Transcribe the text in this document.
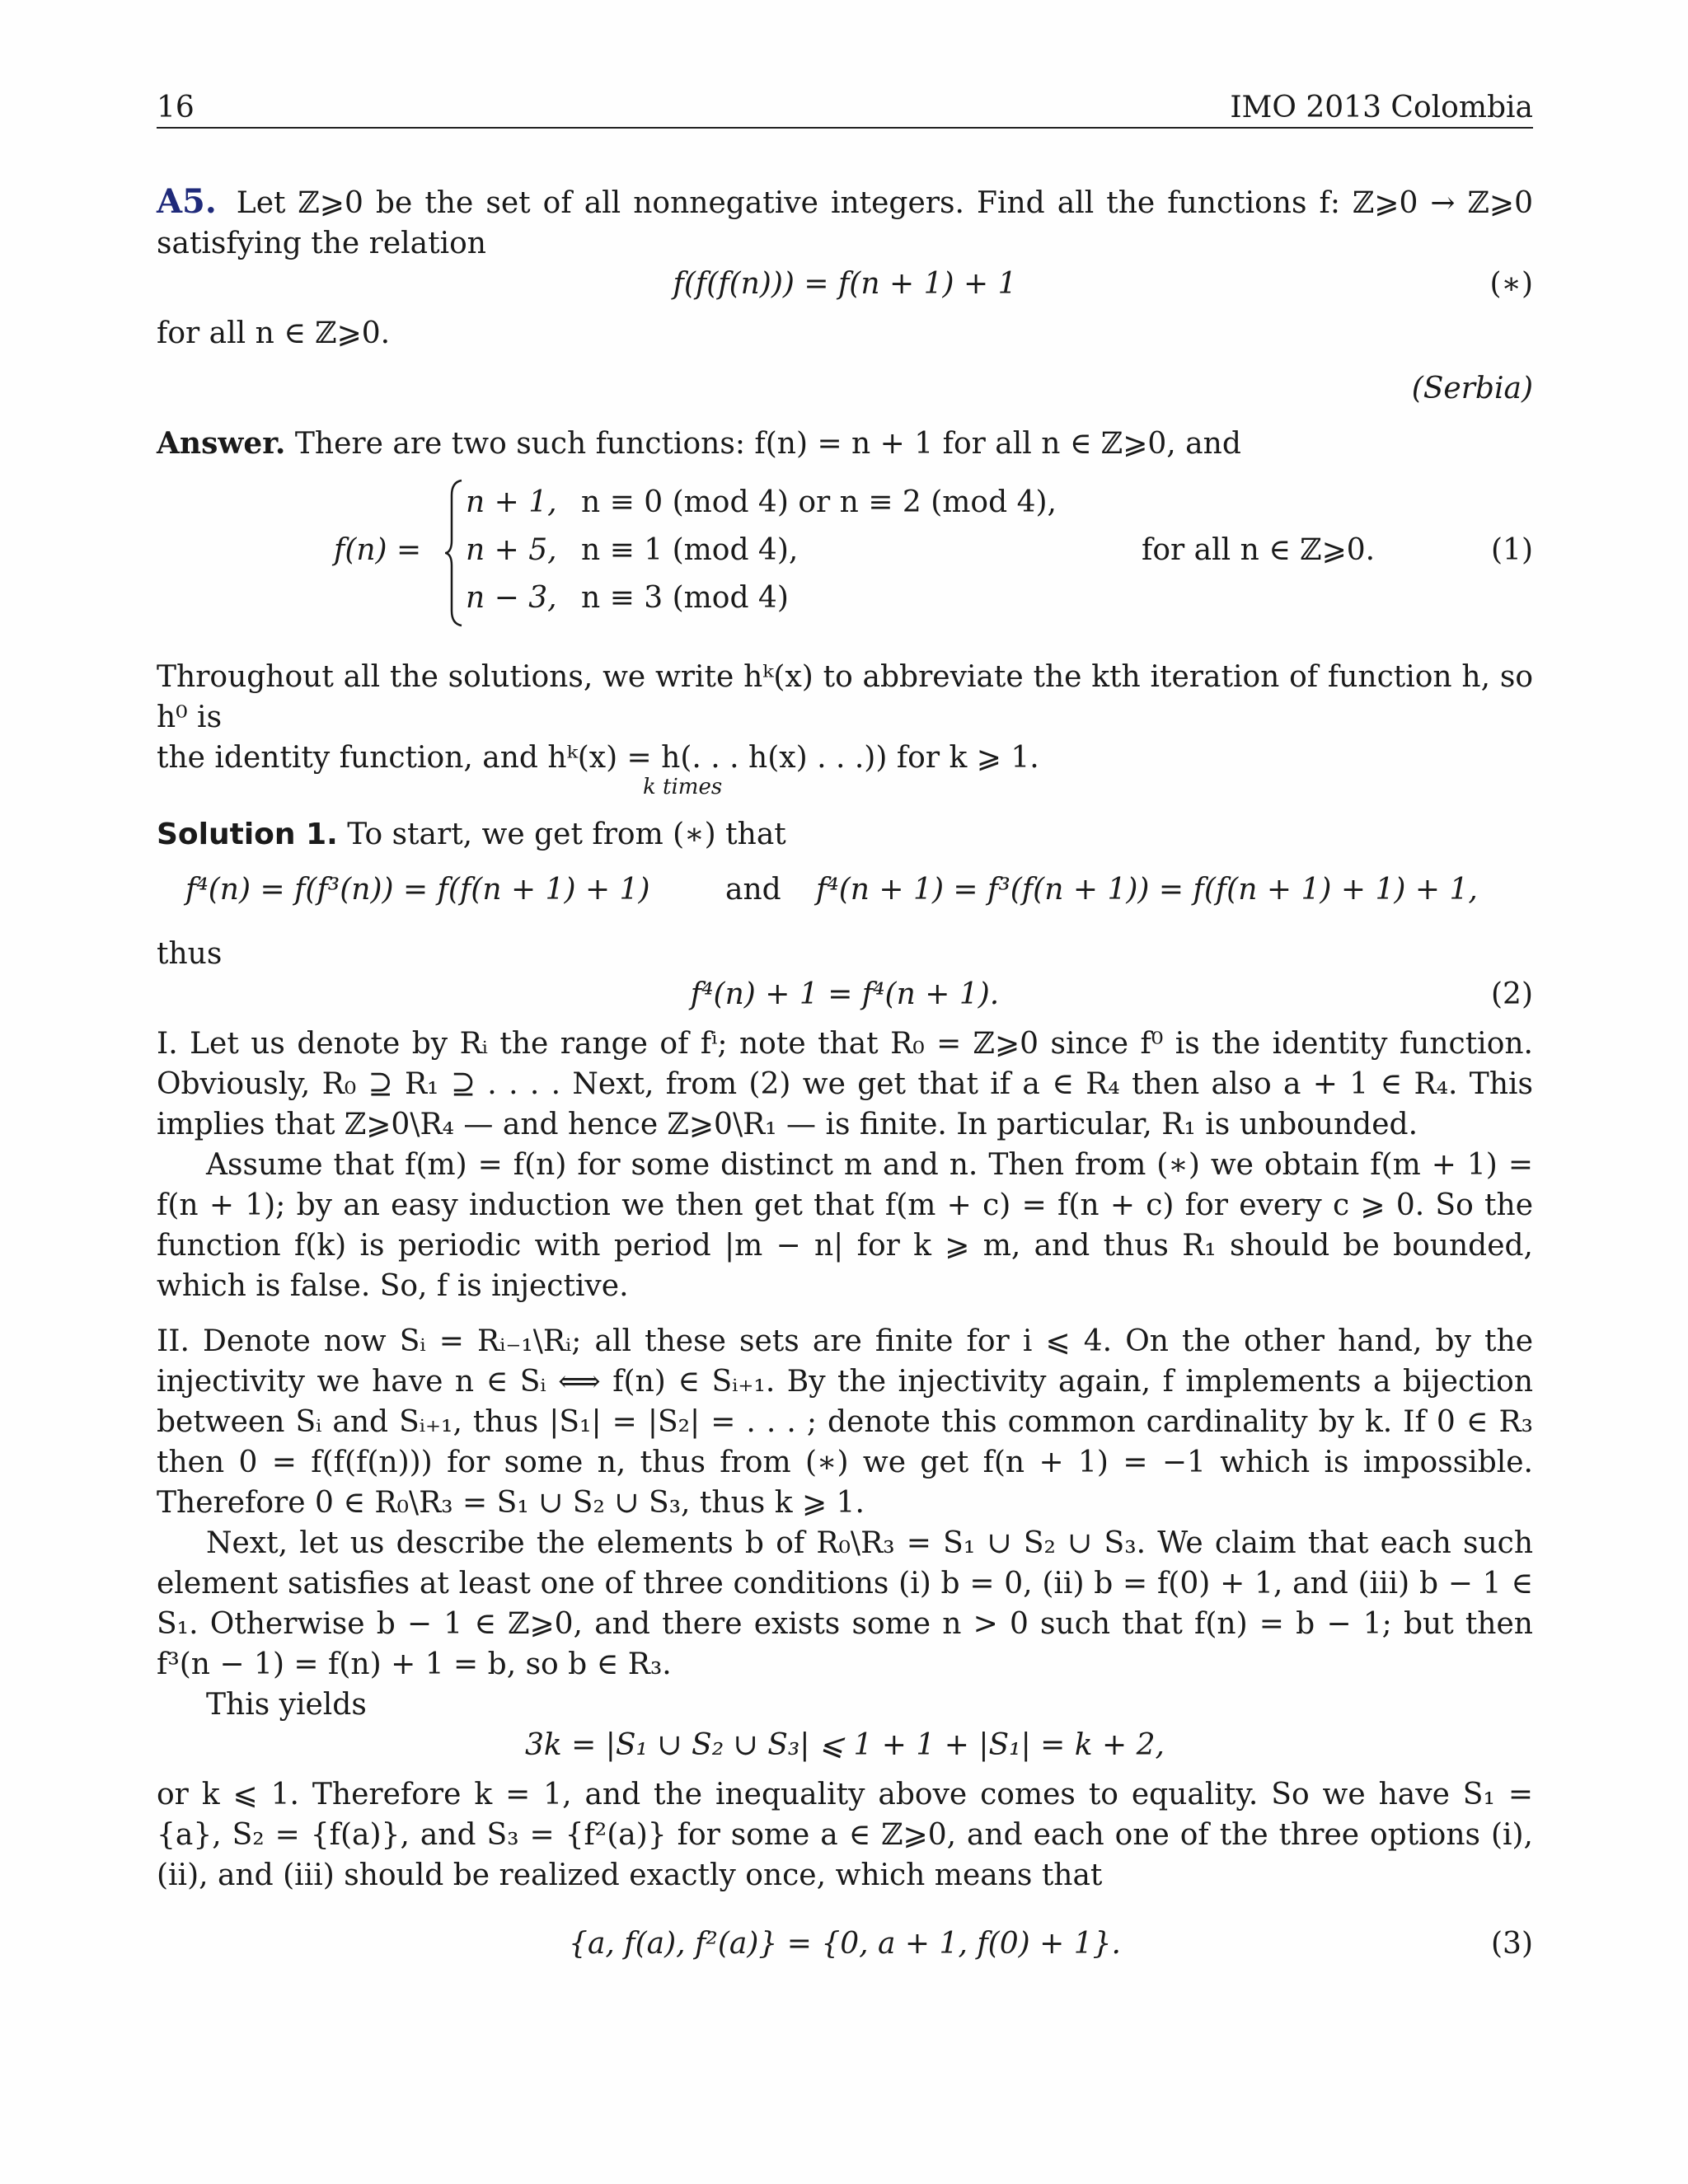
16	IMO 2013 Colombia

A5. Let ℤ⩾0 be the set of all nonnegative integers. Find all the functions f: ℤ⩾0 → ℤ⩾0 satisfying the relation

f(f(f(n))) = f(n + 1) + 1	(∗)

for all n ∈ ℤ⩾0.

(Serbia)

Answer. There are two such functions: f(n) = n + 1 for all n ∈ ℤ⩾0, and

f(n) =
n + 1, n ≡ 0 (mod 4) or n ≡ 2 (mod 4),
n + 5, n ≡ 1 (mod 4),
n − 3, n ≡ 3 (mod 4)
for all n ∈ ℤ⩾0.	(1)

Throughout all the solutions, we write hᵏ(x) to abbreviate the kth iteration of function h, so h⁰ is

the identity function, and hᵏ(x) = h(. . . h(x) . . .)) for k ⩾ 1.

k times

Solution 1. To start, we get from (∗) that

f⁴(n) = f(f³(n)) = f(f(n + 1) + 1)	and f⁴(n + 1) = f³(f(n + 1)) = f(f(n + 1) + 1) + 1,

thus

f⁴(n) + 1 = f⁴(n + 1).	(2)

I. Let us denote by Rᵢ the range of fⁱ; note that R₀ = ℤ⩾0 since f⁰ is the identity function. Obviously, R₀ ⊇ R₁ ⊇ . . . . Next, from (2) we get that if a ∈ R₄ then also a + 1 ∈ R₄. This implies that ℤ⩾0\R₄ — and hence ℤ⩾0\R₁ — is finite. In particular, R₁ is unbounded.

Assume that f(m) = f(n) for some distinct m and n. Then from (∗) we obtain f(m + 1) = f(n + 1); by an easy induction we then get that f(m + c) = f(n + c) for every c ⩾ 0. So the function f(k) is periodic with period |m − n| for k ⩾ m, and thus R₁ should be bounded, which is false. So, f is injective.

II. Denote now Sᵢ = Rᵢ₋₁\Rᵢ; all these sets are finite for i ⩽ 4. On the other hand, by the injectivity we have n ∈ Sᵢ ⟺ f(n) ∈ Sᵢ₊₁. By the injectivity again, f implements a bijection between Sᵢ and Sᵢ₊₁, thus |S₁| = |S₂| = . . . ; denote this common cardinality by k. If 0 ∈ R₃ then 0 = f(f(f(n))) for some n, thus from (∗) we get f(n + 1) = −1 which is impossible. Therefore 0 ∈ R₀\R₃ = S₁ ∪ S₂ ∪ S₃, thus k ⩾ 1.

Next, let us describe the elements b of R₀\R₃ = S₁ ∪ S₂ ∪ S₃. We claim that each such element satisfies at least one of three conditions (i) b = 0, (ii) b = f(0) + 1, and (iii) b − 1 ∈ S₁. Otherwise b − 1 ∈ ℤ⩾0, and there exists some n > 0 such that f(n) = b − 1; but then f³(n − 1) = f(n) + 1 = b, so b ∈ R₃.

This yields

3k = |S₁ ∪ S₂ ∪ S₃| ⩽ 1 + 1 + |S₁| = k + 2,

or k ⩽ 1. Therefore k = 1, and the inequality above comes to equality. So we have S₁ = {a}, S₂ = {f(a)}, and S₃ = {f²(a)} for some a ∈ ℤ⩾0, and each one of the three options (i), (ii), and (iii) should be realized exactly once, which means that

{a, f(a), f²(a)} = {0, a + 1, f(0) + 1}.	(3)
